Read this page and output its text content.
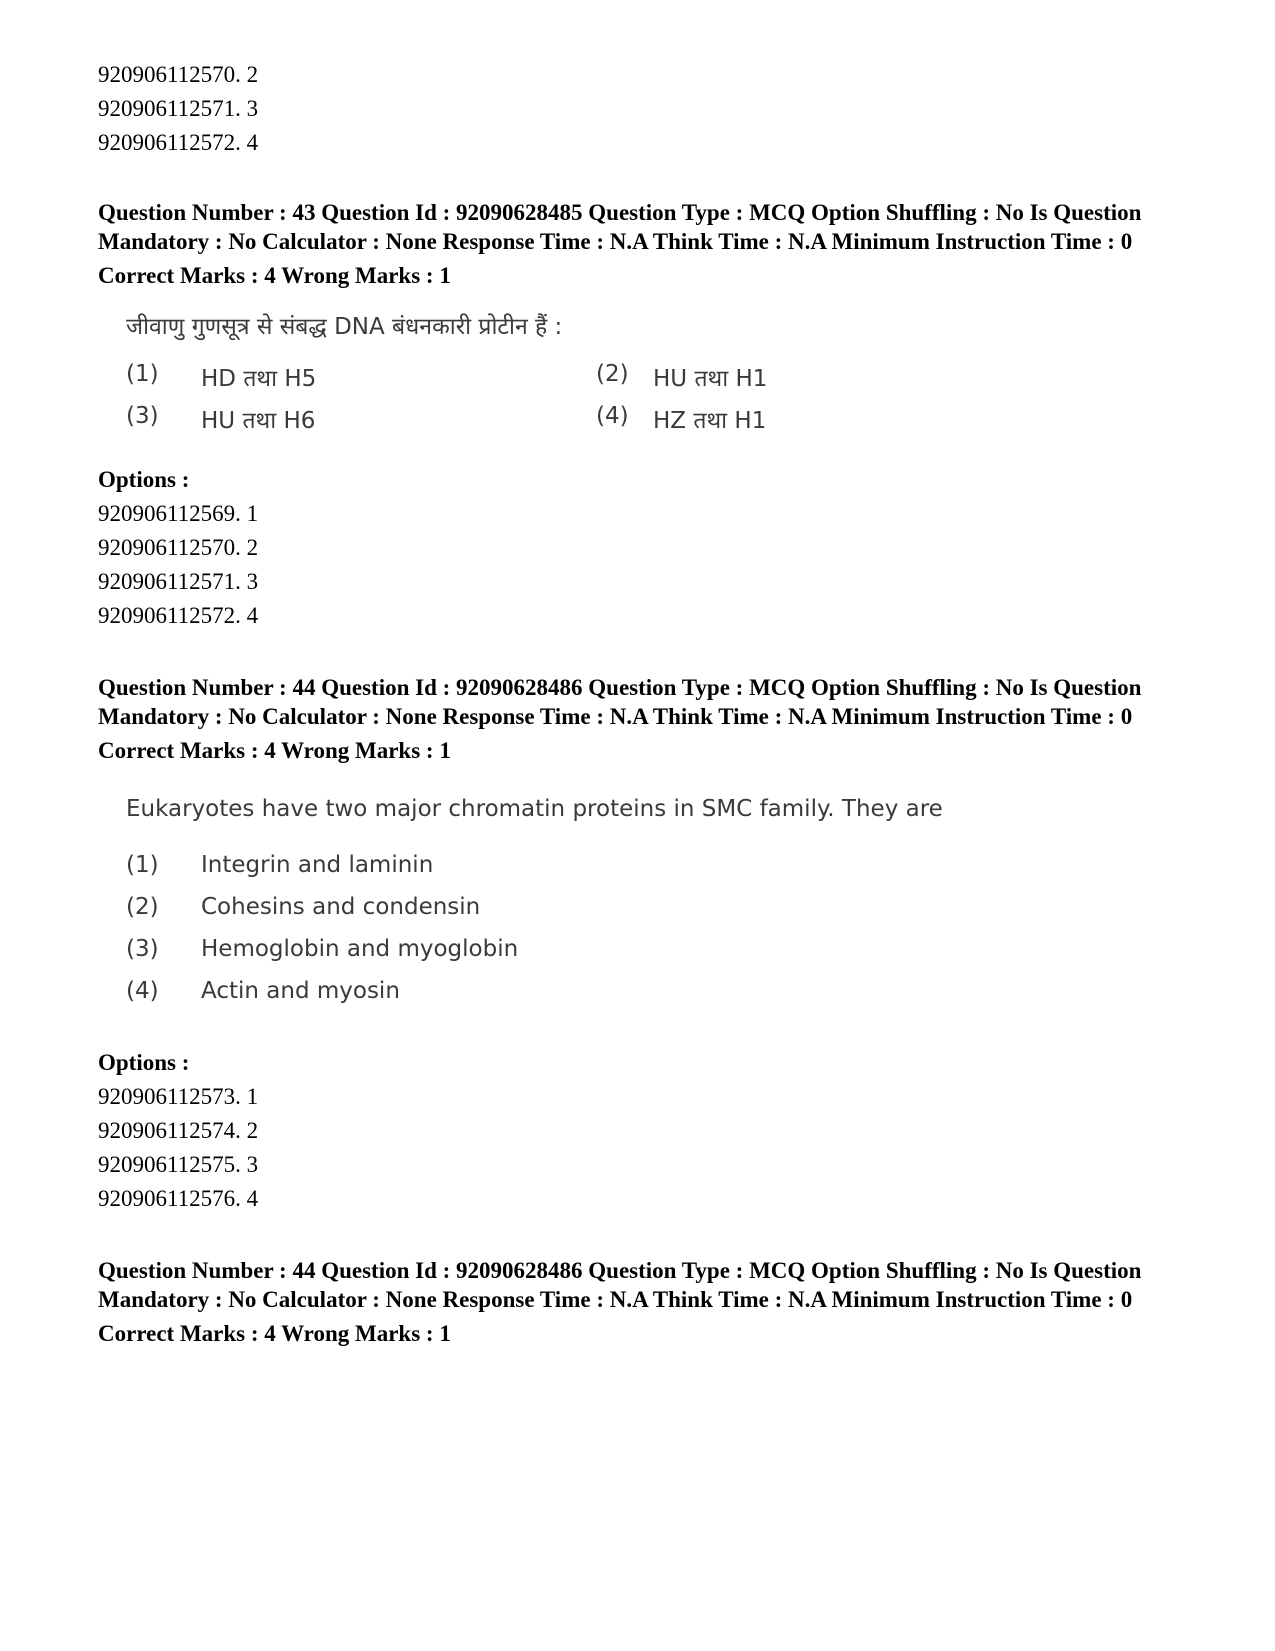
920906112570. 2
920906112571. 3
920906112572. 4
Question Number : 43 Question Id : 92090628485 Question Type : MCQ Option Shuffling : No Is Question Mandatory : No Calculator : None Response Time : N.A Think Time : N.A Minimum Instruction Time : 0
Correct Marks : 4 Wrong Marks : 1
जीवाणु गुणसूत्र से संबद्ध DNA बंधनकारी प्रोटीन हैं :
(1)	HD तथा H5	(2)	HU तथा H1
(3)	HU तथा H6	(4)	HZ तथा H1
Options :
920906112569. 1
920906112570. 2
920906112571. 3
920906112572. 4
Question Number : 44 Question Id : 92090628486 Question Type : MCQ Option Shuffling : No Is Question Mandatory : No Calculator : None Response Time : N.A Think Time : N.A Minimum Instruction Time : 0
Correct Marks : 4 Wrong Marks : 1
Eukaryotes have two major chromatin proteins in SMC family. They are
(1)	Integrin and laminin
(2)	Cohesins and condensin
(3)	Hemoglobin and myoglobin
(4)	Actin and myosin
Options :
920906112573. 1
920906112574. 2
920906112575. 3
920906112576. 4
Question Number : 44 Question Id : 92090628486 Question Type : MCQ Option Shuffling : No Is Question Mandatory : No Calculator : None Response Time : N.A Think Time : N.A Minimum Instruction Time : 0
Correct Marks : 4 Wrong Marks : 1
